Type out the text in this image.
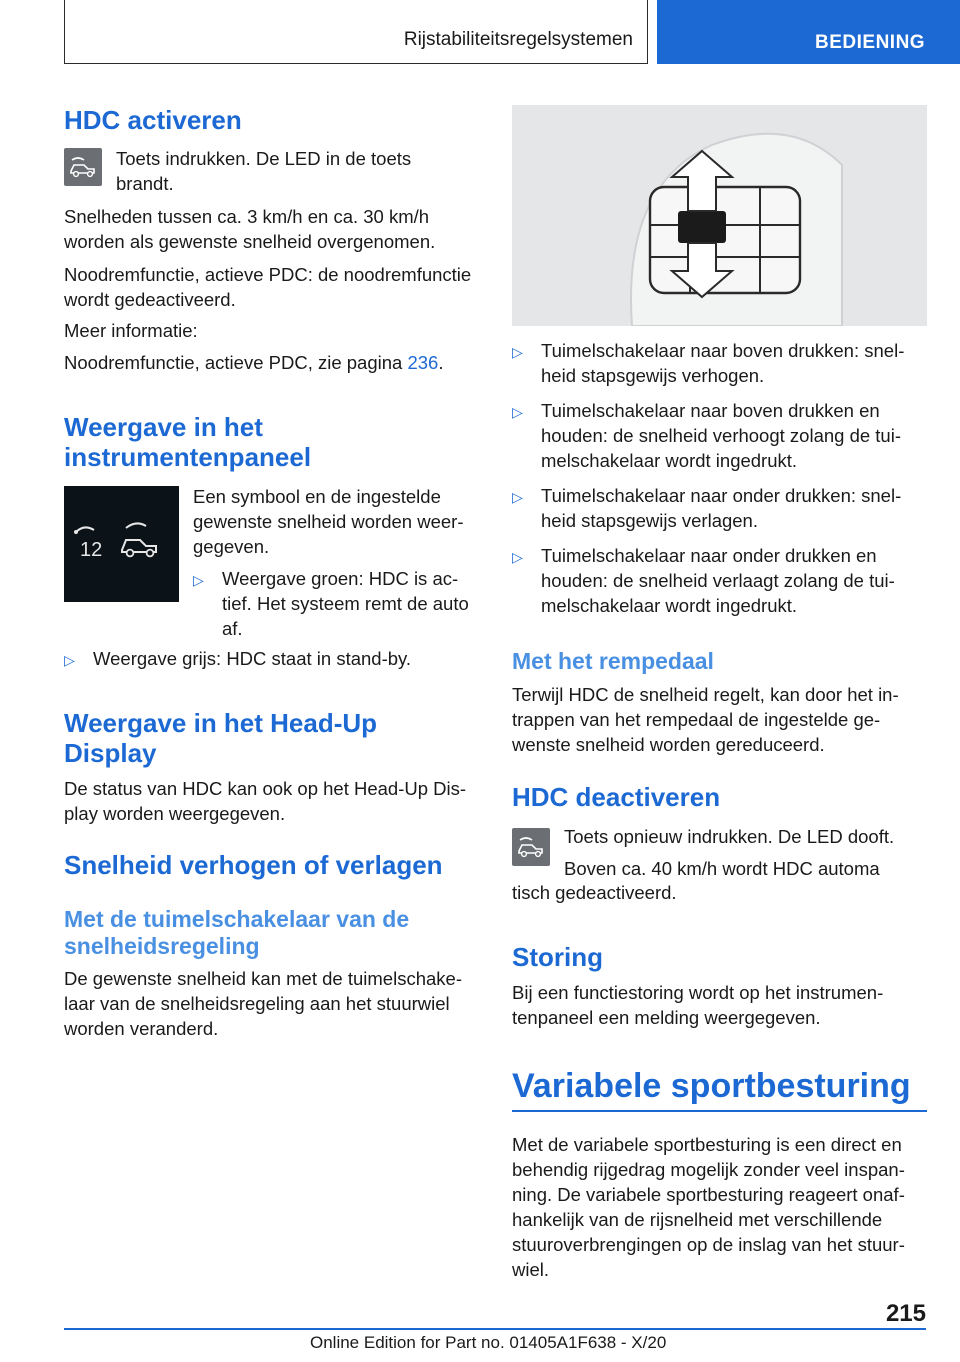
Rijstabiliteitsregelsystemen	BEDIENING
HDC activeren
Toets indrukken. De LED in de toets brandt.
Snelheden tussen ca. 3 km/h en ca. 30 km/h worden als gewenste snelheid overgenomen.
Noodremfunctie, actieve PDC: de noodremfunctie wordt gedeactiveerd.
Meer informatie:
Noodremfunctie, actieve PDC, zie pagina 236.
Weergave in het instrumentenpaneel
12
Een symbool en de ingestelde gewenste snelheid worden weergegeven.
▷ Weergave groen: HDC is actief. Het systeem remt de auto af.
▷ Weergave grijs: HDC staat in stand-by.
Weergave in het Head-Up Display
De status van HDC kan ook op het Head-Up Display worden weergegeven.
Snelheid verhogen of verlagen
Met de tuimelschakelaar van de snelheidsregeling
De gewenste snelheid kan met de tuimelschakelaar van de snelheidsregeling aan het stuurwiel worden veranderd.
▷ Tuimelschakelaar naar boven drukken: snelheid stapsgewijs verhogen.
▷ Tuimelschakelaar naar boven drukken en houden: de snelheid verhoogt zolang de tuimelschakelaar wordt ingedrukt.
▷ Tuimelschakelaar naar onder drukken: snelheid stapsgewijs verlagen.
▷ Tuimelschakelaar naar onder drukken en houden: de snelheid verlaagt zolang de tuimelschakelaar wordt ingedrukt.
Met het rempedaal
Terwijl HDC de snelheid regelt, kan door het intrappen van het rempedaal de ingestelde gewenste snelheid worden gereduceerd.
HDC deactiveren
Toets opnieuw indrukken. De LED dooft.
Boven ca. 40 km/h wordt HDC automa
tisch gedeactiveerd.
Storing
Bij een functiestoring wordt op het instrumentenpaneel een melding weergegeven.
Variabele sportbesturing
Met de variabele sportbesturing is een direct en behendig rijgedrag mogelijk zonder veel inspanning. De variabele sportbesturing reageert onafhankelijk van de rijsnelheid met verschillende stuuroverbrengingen op de inslag van het stuurwiel.
215
Online Edition for Part no. 01405A1F638 - X/20
